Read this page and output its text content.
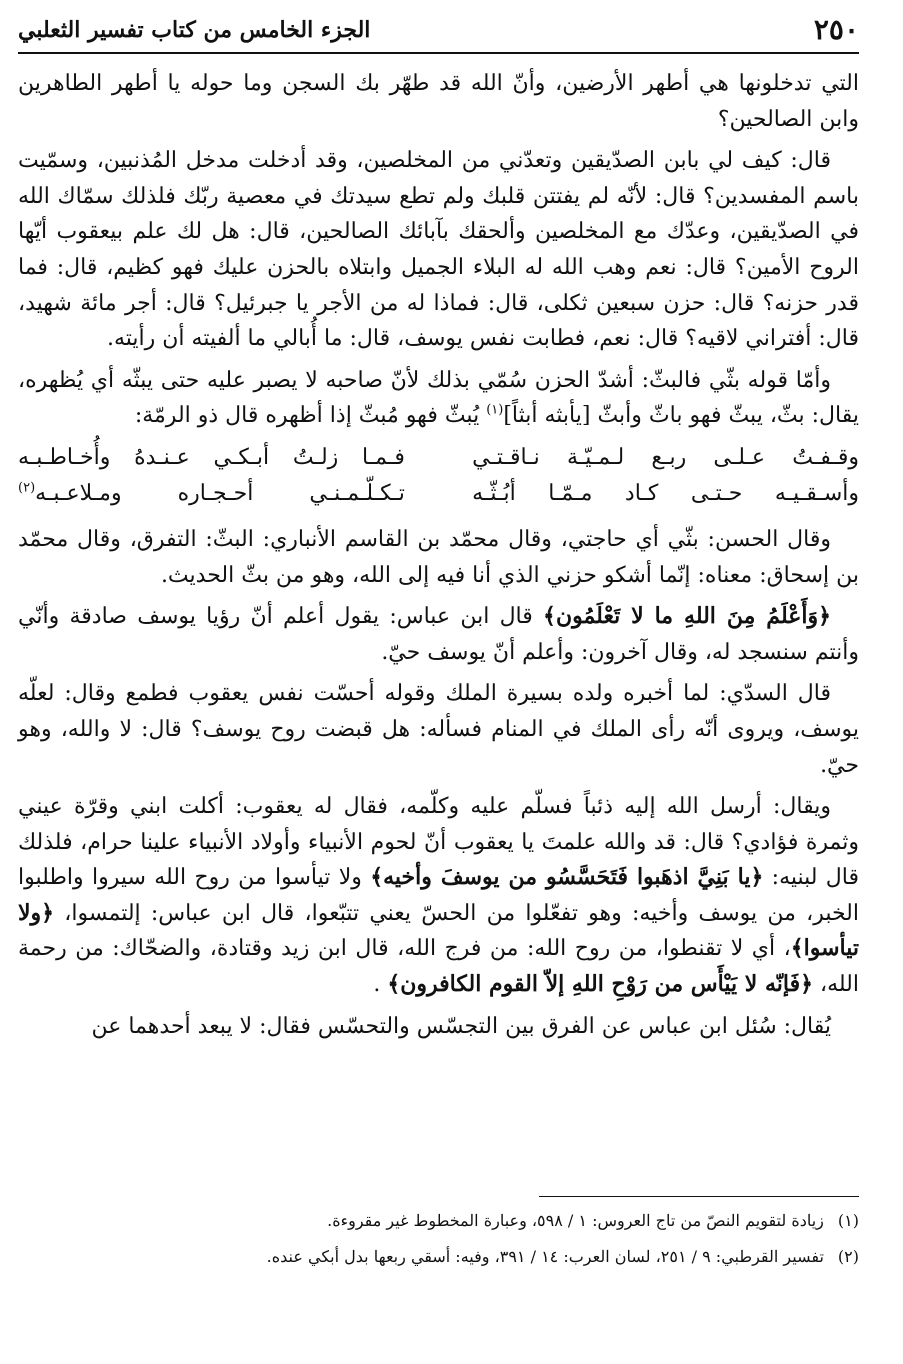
٢٥٠
الجزء الخامس من كتاب تفسير الثعلبي

التي تدخلونها هي أطهر الأرضين، وأنّ الله قد طهّر بك السجن وما حوله يا أطهر الطاهرين وابن الصالحين؟

قال: كيف لي بابن الصدّيقين وتعدّني من المخلصين، وقد أدخلت مدخل المُذنبين، وسمّيت باسم المفسدين؟ قال: لأنّه لم يفتتن قلبك ولم تطع سيدتك في معصية ربّك فلذلك سمّاك الله في الصدّيقين، وعدّك مع المخلصين وألحقك بآبائك الصالحين، قال: هل لك علم بيعقوب أيّها الروح الأمين؟ قال: نعم وهب الله له البلاء الجميل وابتلاه بالحزن عليك فهو كظيم، قال: فما قدر حزنه؟ قال: حزن سبعين ثكلى، قال: فماذا له من الأجر يا جبرئيل؟ قال: أجر مائة شهيد، قال: أفتراني لاقيه؟ قال: نعم، فطابت نفس يوسف، قال: ما أُبالي ما ألفيته أن رأيته.

وأمّا قوله بثّي فالبثّ: أشدّ الحزن سُمّي بذلك لأنّ صاحبه لا يصبر عليه حتى يبثّه أي يُظهره، يقال: بثّ، يبثّ فهو باثّ وأبثّ [يأبثه أبثاً]$^{(١)}$ يُبثّ فهو مُبثّ إذا أظهره قال ذو الرمّة:

وقـفـتُ عـلـى ربـع لـمـيّـة نـاقـتـي
فـمـا زلـتُ أبـكـي عـنـدهُ وأُخـاطـبـه
وأسـقـيـه حـتـى كـاد مـمّـا أبُـثّـه
تـكـلّـمـنـي أحـجـاره ومـلاعـبـه$^{(٢)}$

وقال الحسن: بثّي أي حاجتي، وقال محمّد بن القاسم الأنباري: البثّ: التفرق، وقال محمّد بن إسحاق: معناه: إنّما أشكو حزني الذي أنا فيه إلى الله، وهو من بثّ الحديث.

﴿وَأَعْلَمُ مِنَ اللهِ ما لا تَعْلَمُون﴾ قال ابن عباس: يقول أعلم أنّ رؤيا يوسف صادقة وأنّي وأنتم سنسجد له، وقال آخرون: وأعلم أنّ يوسف حيّ.

قال السدّي: لما أخبره ولده بسيرة الملك وقوله أحسّت نفس يعقوب فطمع وقال: لعلّه يوسف، ويروى أنّه رأى الملك في المنام فسأله: هل قبضت روح يوسف؟ قال: لا والله، وهو حيّ.

ويقال: أرسل الله إليه ذئباً فسلّم عليه وكلّمه، فقال له يعقوب: أكلت ابني وقرّة عيني وثمرة فؤادي؟ قال: قد والله علمتَ يا يعقوب أنّ لحوم الأنبياء وأولاد الأنبياء علينا حرام، فلذلك قال لبنيه: ﴿يا بَنِيَّ اذهَبوا فَتَحَسَّسُو من يوسفَ وأخيه﴾ ولا تيأسوا من روح الله سيروا واطلبوا الخبر، من يوسف وأخيه: وهو تفعّلوا من الحسّ يعني تتبّعوا، قال ابن عباس: إلتمسوا، ﴿ولا تيأسوا﴾، أي لا تقنطوا، من روح الله: من فرج الله، قال ابن زيد وقتادة، والضحّاك: من رحمة الله، ﴿فَإنّه لا يَيْأَس من رَوْحِ اللهِ إلاّ القوم الكافرون﴾ .

يُقال: سُئل ابن عباس عن الفرق بين التجسّس والتحسّس فقال: لا يبعد أحدهما عن

(١)
زيادة لتقويم النصّ من تاج العروس: ١ / ٥٩٨، وعبارة المخطوط غير مقروءة.
(٢)
تفسير القرطبي: ٩ / ٢٥١، لسان العرب: ١٤ / ٣٩١، وفيه: أسقي ربعها بدل أبكي عنده.
